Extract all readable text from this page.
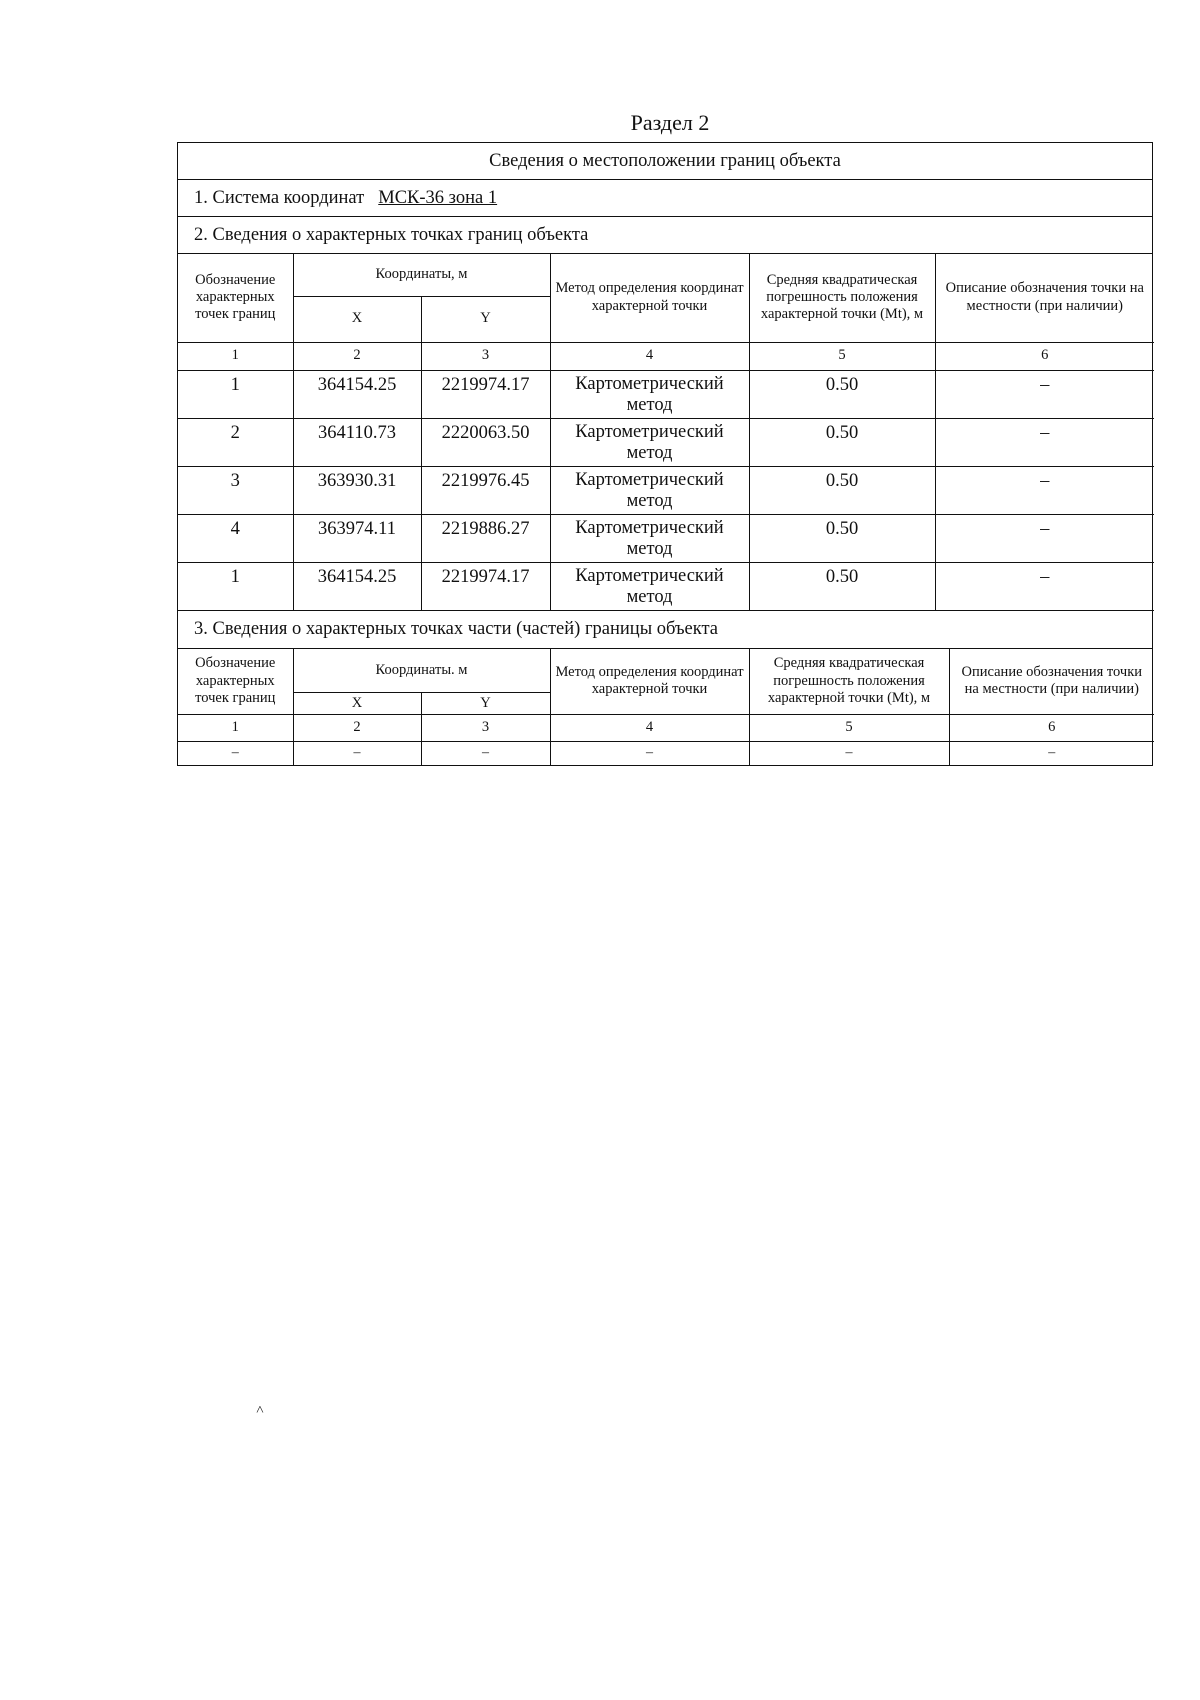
Раздел 2
Сведения о местоположении границ объекта
1. Система координат МСК-36 зона 1
2. Сведения о характерных точках границ объекта
Обозначение характерных точек границ	Координаты, м		Метод определения координат характерной точки	Средняя квадратическая погрешность положения характерной точки (Mt), м	Описание обозначения точки на местности (при наличии)
	X	Y			
1	2	3	4	5	6
1	364154.25	2219974.17	Картометрический метод	0.50	–
2	364110.73	2220063.50	Картометрический метод	0.50	–
3	363930.31	2219976.45	Картометрический метод	0.50	–
4	363974.11	2219886.27	Картометрический метод	0.50	–
1	364154.25	2219974.17	Картометрический метод	0.50	–
3. Сведения о характерных точках части (частей) границы объекта
Обозначение характерных точек границ	Координаты. м		Метод определения координат характерной точки	Средняя квадратическая погрешность положения характерной точки (Mt), м	Описание обозначения точки на местности (при наличии)
	X	Y			
1	2	3	4	5	6
–	–	–	–	–	–
˄
